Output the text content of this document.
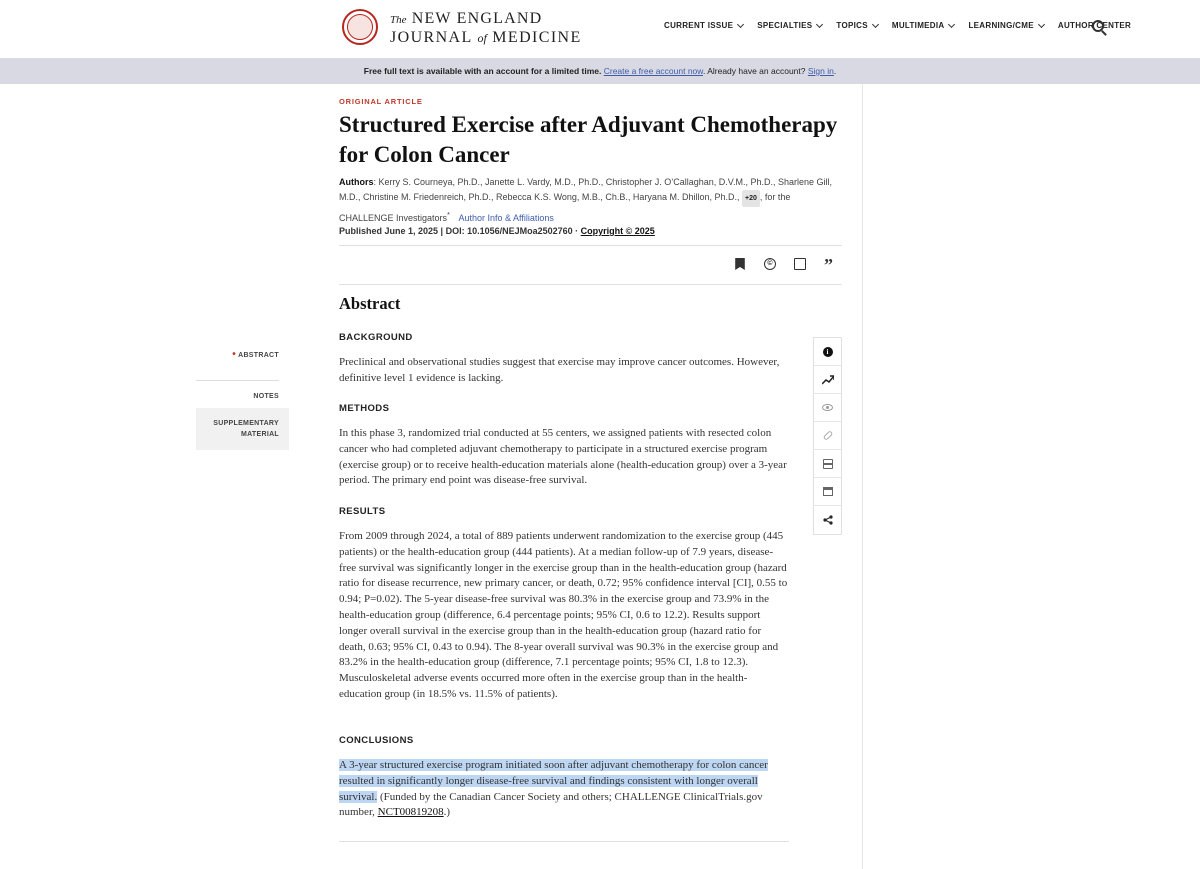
The NEW ENGLAND
JOURNAL of MEDICINE
CURRENT ISSUE	SPECIALTIES	TOPICS	MULTIMEDIA	LEARNING/CME	AUTHOR CENTER
Free full text is available with an account for a limited time. Create a free account now. Already have an account? Sign in.
ORIGINAL ARTICLE
Structured Exercise after Adjuvant Chemotherapy for Colon Cancer
Authors: Kerry S. Courneya, Ph.D., Janette L. Vardy, M.D., Ph.D., Christopher J. O’Callaghan, D.V.M., Ph.D., Sharlene Gill, M.D., Christine M. Friedenreich, Ph.D., Rebecca K.S. Wong, M.B., Ch.B., Haryana M. Dhillon, Ph.D., +20 , for the CHALLENGE Investigators* Author Info & Affiliations
Published June 1, 2025 | DOI: 10.1056/NEJMoa2502760 · Copyright © 2025
©	”
• ABSTRACT
NOTES
SUPPLEMENTARY MATERIAL
Abstract
BACKGROUND
Preclinical and observational studies suggest that exercise may improve cancer outcomes. However, definitive level 1 evidence is lacking.
METHODS
In this phase 3, randomized trial conducted at 55 centers, we assigned patients with resected colon cancer who had completed adjuvant chemotherapy to participate in a structured exercise program (exercise group) or to receive health-education materials alone (health-education group) over a 3-year period. The primary end point was disease-free survival.
RESULTS
From 2009 through 2024, a total of 889 patients underwent randomization to the exercise group (445 patients) or the health-education group (444 patients). At a median follow-up of 7.9 years, disease-free survival was significantly longer in the exercise group than in the health-education group (hazard ratio for disease recurrence, new primary cancer, or death, 0.72; 95% confidence interval [CI], 0.55 to 0.94; P=0.02). The 5-year disease-free survival was 80.3% in the exercise group and 73.9% in the health-education group (difference, 6.4 percentage points; 95% CI, 0.6 to 12.2). Results support longer overall survival in the exercise group than in the health-education group (hazard ratio for death, 0.63; 95% CI, 0.43 to 0.94). The 8-year overall survival was 90.3% in the exercise group and 83.2% in the health-education group (difference, 7.1 percentage points; 95% CI, 1.8 to 12.3). Musculoskeletal adverse events occurred more often in the exercise group than in the health-education group (in 18.5% vs. 11.5% of patients).
CONCLUSIONS
A 3-year structured exercise program initiated soon after adjuvant chemotherapy for colon cancer resulted in significantly longer disease-free survival and findings consistent with longer overall survival. (Funded by the Canadian Cancer Society and others; CHALLENGE ClinicalTrials.gov number, NCT00819208.)
i
